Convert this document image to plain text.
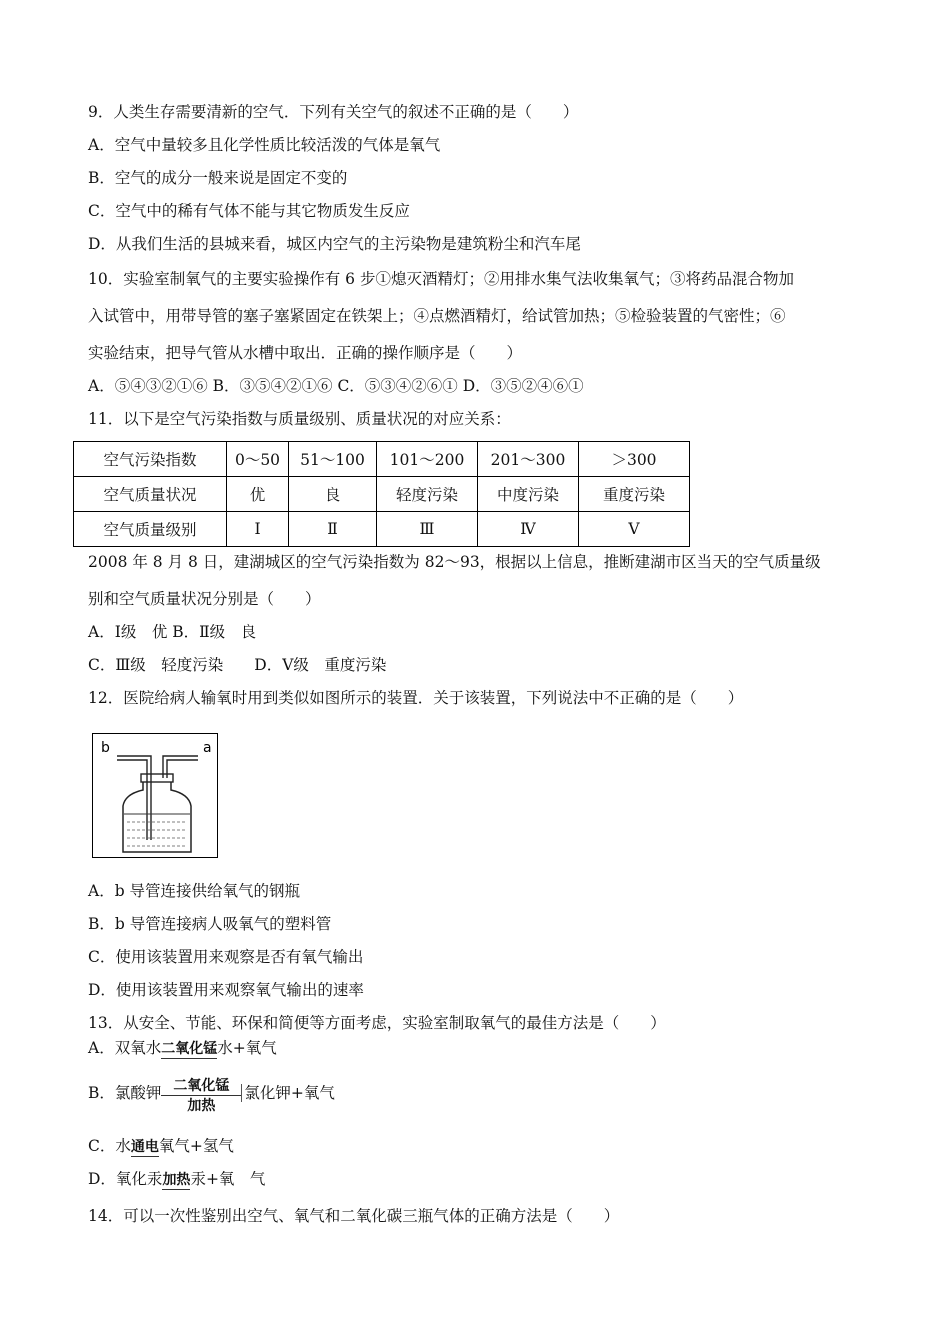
9．人类生存需要清新的空气．下列有关空气的叙述不正确的是（　　）
A．空气中量较多且化学性质比较活泼的气体是氧气
B．空气的成分一般来说是固定不变的
C．空气中的稀有气体不能与其它物质发生反应
D．从我们生活的县城来看，城区内空气的主污染物是建筑粉尘和汽车尾
10．实验室制氧气的主要实验操作有 6 步①熄灭酒精灯；②用排水集气法收集氧气；③将药品混合物加
入试管中，用带导管的塞子塞紧固定在铁架上；④点燃酒精灯，给试管加热；⑤检验装置的气密性；⑥
实验结束，把导气管从水槽中取出．正确的操作顺序是（　　）
A．⑤④③②①⑥ B．③⑤④②①⑥ C．⑤③④②⑥① D．③⑤②④⑥①
11．以下是空气污染指数与质量级别、质量状况的对应关系：
空气污染指数	0～50	51～100	101～200	201～300	＞300
空气质量状况	优	良	轻度污染	中度污染	重度污染
空气质量级别	Ⅰ	Ⅱ	Ⅲ	Ⅳ	Ⅴ
2008 年 8 月 8 日，建湖城区的空气污染指数为 82～93，根据以上信息，推断建湖市区当天的空气质量级
别和空气质量状况分别是（　　）
A．Ⅰ级　优 B．Ⅱ级　良
C．Ⅲ级　轻度污染　　D．Ⅴ级　重度污染
12．医院给病人输氧时用到类似如图所示的装置．关于该装置，下列说法中不正确的是（　　）
b	a
A．b 导管连接供给氧气的钢瓶
B．b 导管连接病人吸氧气的塑料管
C．使用该装置用来观察是否有氧气输出
D．使用该装置用来观察氧气输出的速率
13．从安全、节能、环保和简便等方面考虑，实验室制取氧气的最佳方法是（　　）
A．双氧水 二氧化锰 水+氧气
B．氯酸钾 二氧化锰
加热
氯化钾+氧气
C．水 通电 氧气+氢气
D．氧化汞 加热 汞+氧　气
14．可以一次性鉴别出空气、氧气和二氧化碳三瓶气体的正确方法是（　　）
